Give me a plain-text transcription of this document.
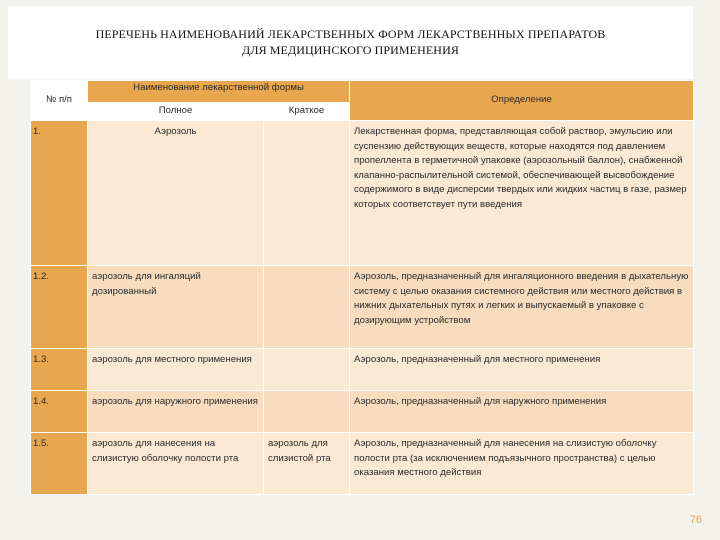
ПЕРЕЧЕНЬ НАИМЕНОВАНИЙ ЛЕКАРСТВЕННЫХ ФОРМ ЛЕКАРСТВЕННЫХ ПРЕПАРАТОВ
ДЛЯ МЕДИЦИНСКОГО ПРИМЕНЕНИЯ
№ п/п	Наименование лекарственной формы		Определение
	Полное	Краткое	
1.	Аэрозоль		Лекарственная форма, представляющая собой раствор, эмульсию или суспензию действующих веществ, которые находятся под давлением пропеллента в герметичной упаковке (аэрозольный баллон), снабженной клапанно-распылительной системой, обеспечивающей высвобождение содержимого в виде дисперсии твердых или жидких частиц в газе, размер которых соответствует пути введения
1.2.	аэрозоль для ингаляций дозированный		Аэрозоль, предназначенный для ингаляционного введения в дыхательную систему с целью оказания системного действия или местного действия в нижних дыхательных путях и легких и выпускаемый в упаковке с дозирующим устройством
1.3.	аэрозоль для местного применения		Аэрозоль, предназначенный для местного применения
1.4.	аэрозоль для наружного применения		Аэрозоль, предназначенный для наружного применения
1.5.	аэрозоль для нанесения на слизистую оболочку полости рта	аэрозоль для слизистой рта	Аэрозоль, предназначенный для нанесения на слизистую оболочку полости рта (за исключением подъязычного пространства) с целью оказания местного действия
76
